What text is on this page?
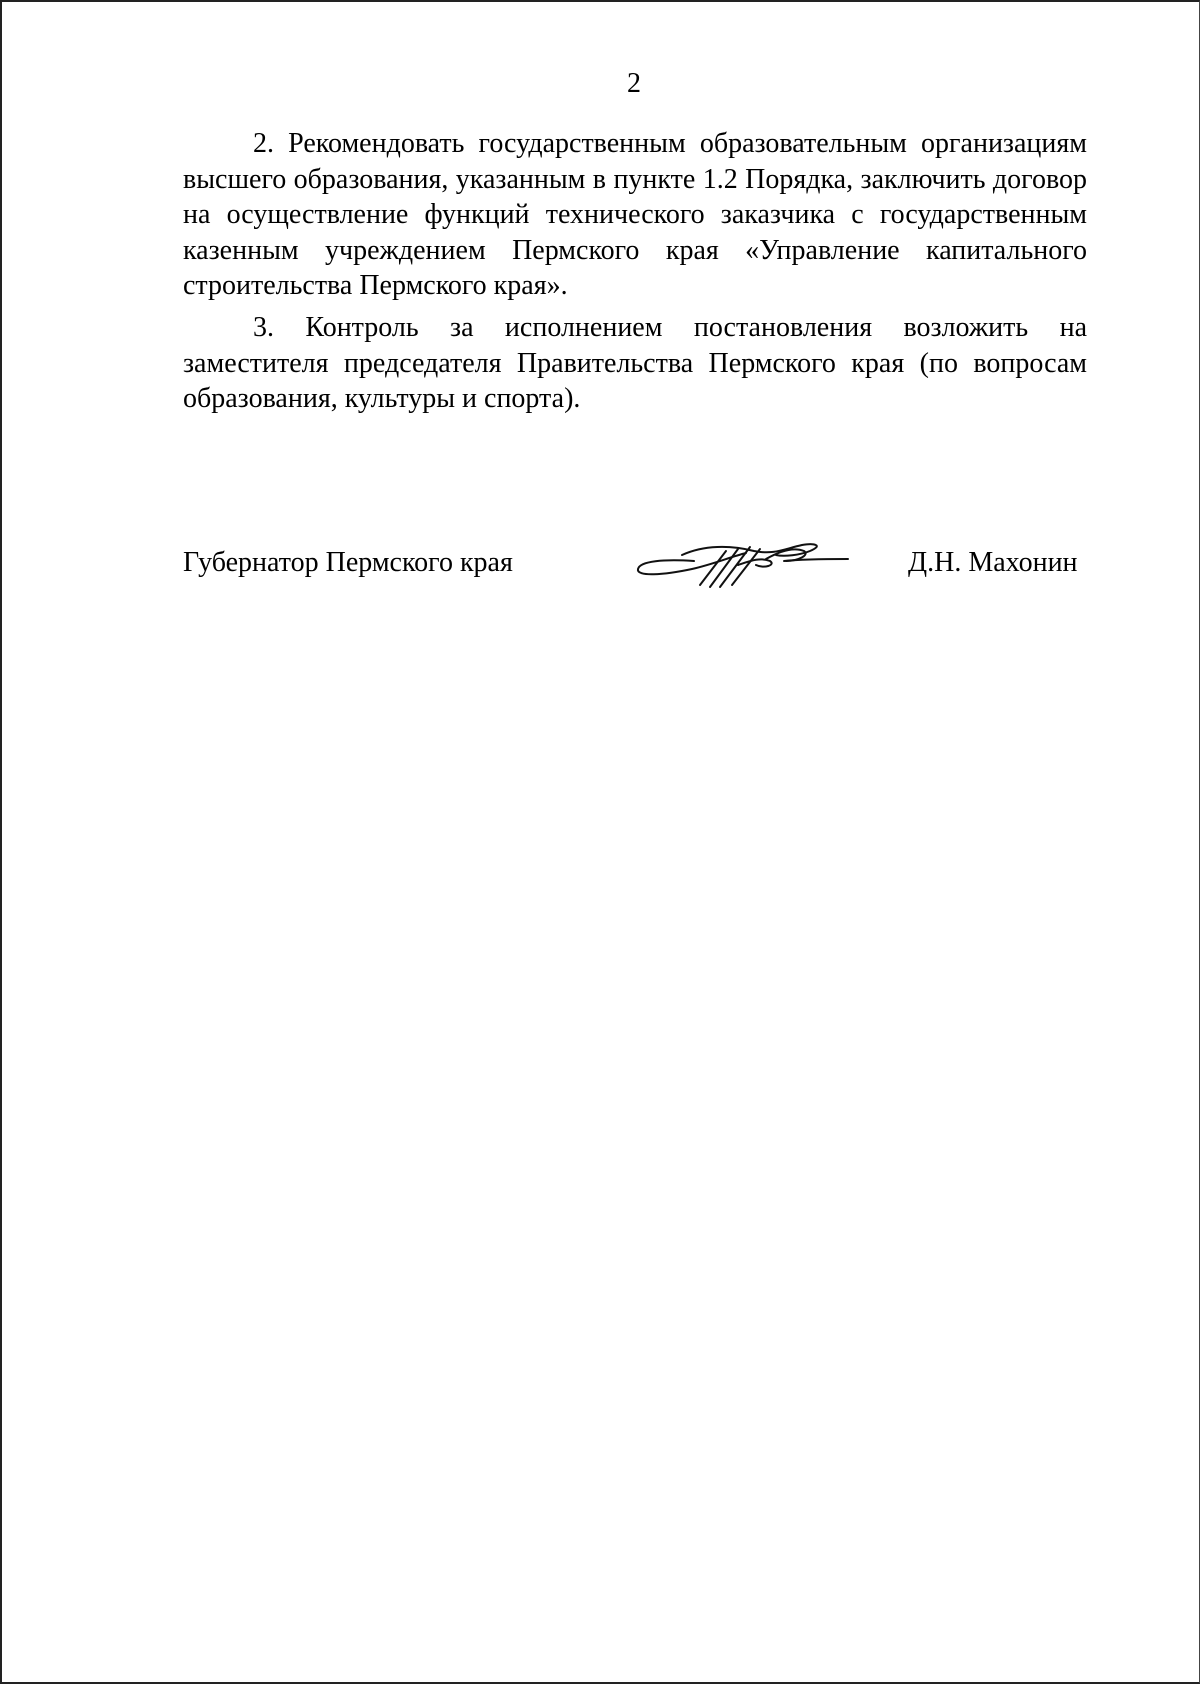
2

2. Рекомендовать государственным образовательным организациям высшего образования, указанным в пункте 1.2 Порядка, заключить договор на осуществление функций технического заказчика с государственным казенным учреждением Пермского края «Управление капитального строительства Пермского края».

3. Контроль за исполнением постановления возложить на заместителя председателя Правительства Пермского края (по вопросам образования, культуры и спорта).

Губернатор Пермского края	Д.Н. Махонин
